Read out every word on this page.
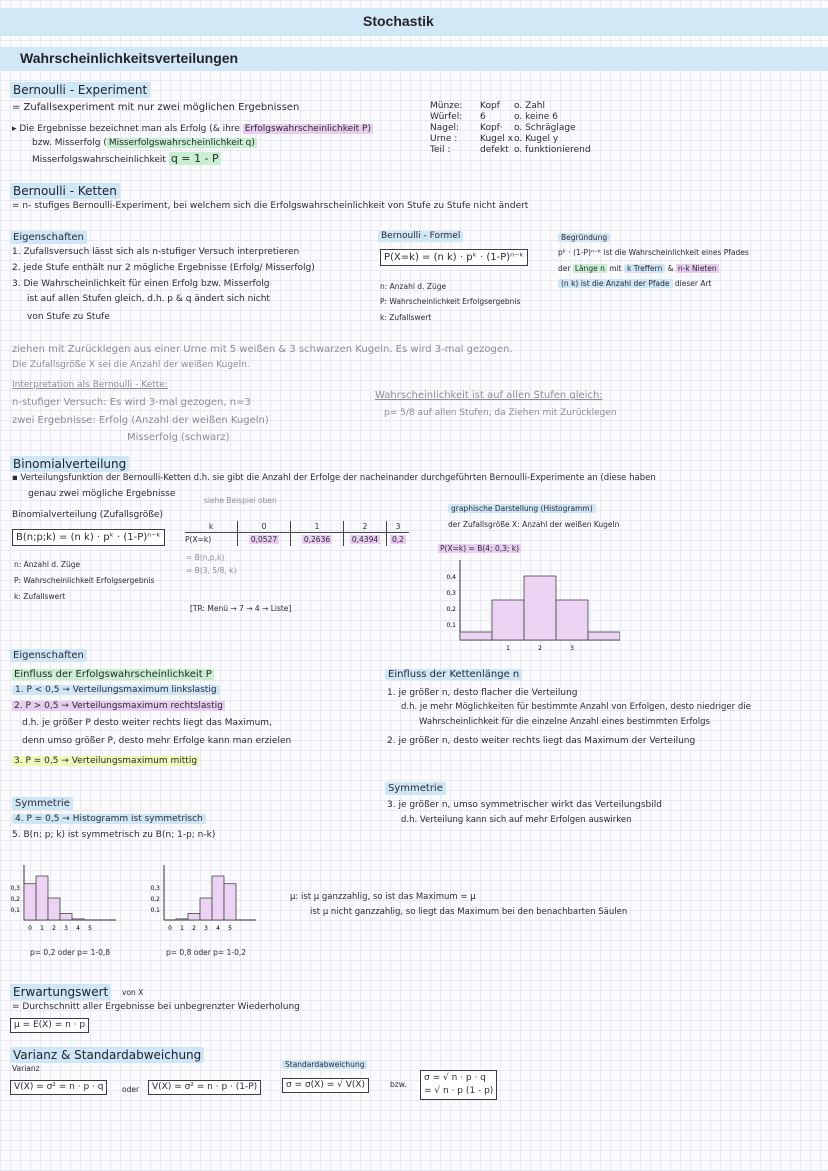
Stochastik
Wahrscheinlichkeitsverteilungen
Bernoulli - Experiment
= Zufallsexperiment mit nur zwei möglichen Ergebnissen
▸ Die Ergebnisse bezeichnet man als Erfolg (& ihre Erfolgswahrscheinlichkeit P)
bzw. Misserfolg ( Misserfolgswahrscheinlichkeit q)
Misserfolgswahrscheinlichkeit q = 1 - P
Münze: Kopf o. Zahl
Würfel: 6	o. keine 6
Nagel: Kopf· o. Schräglage
Urne :	Kugel xo. Kugel y
Teil :	defekt o. funktionierend
Bernoulli - Ketten
= n- stufiges Bernoulli-Experiment, bei welchem sich die Erfolgswahrscheinlichkeit von Stufe zu Stufe nicht ändert
Eigenschaften
1. Zufallsversuch lässt sich als n-stufiger Versuch interpretieren
2. jede Stufe enthält nur 2 mögliche Ergebnisse (Erfolg/ Misserfolg)
3. Die Wahrscheinlichkeit für einen Erfolg bzw. Misserfolg
ist auf allen Stufen gleich, d.h. p & q ändert sich nicht
von Stufe zu Stufe
Bernoulli - Formel
P(X=k) = (n k) · pᵏ · (1-P)ⁿ⁻ᵏ
n: Anzahl d. Züge
P: Wahrscheinlichkeit Erfolgsergebnis
k: Zufallswert
Begründung
pᵏ · (1-P)ⁿ⁻ᵏ ist die Wahrscheinlichkeit eines Pfades
der Länge n mit k Treffern & n-k Nieten
(n k) ist die Anzahl der Pfade dieser Art
ziehen mit Zurücklegen aus einer Urne mit 5 weißen & 3 schwarzen Kugeln. Es wird 3-mal gezogen.
Die Zufallsgröße X sei die Anzahl der weißen Kugeln.
Interpretation als Bernoulli - Kette:
n-stufiger Versuch: Es wird 3-mal gezogen, n=3
zwei Ergebnisse: Erfolg (Anzahl der weißen Kugeln)
Misserfolg (schwarz)
Wahrscheinlichkeit ist auf allen Stufen gleich:
p= 5/8 auf allen Stufen, da Ziehen mit Zurücklegen
Binomialverteilung
▪ Verteilungsfunktion der Bernoulli-Ketten d.h. sie gibt die Anzahl der Erfolge der nacheinander durchgeführten Bernoulli-Experimente an (diese haben
genau zwei mögliche Ergebnisse
siehe Beispiel oben
Binomialverteilung (Zufallsgröße)
B(n;p;k) = (n k) · pᵏ · (1-P)ⁿ⁻ᵏ
n: Anzahl d. Züge
P: Wahrscheinlichkeit Erfolgsergebnis
k: Zufallswert
k	0	1	2	3
P(X=k)	0,0527	0,2636	0,4394	0,2
= B(n,p,k)
= B(3, 5/8, k)
[TR: Menü → 7 → 4 → Liste]
graphische Darstellung (Histogramm)
der Zufallsgröße X: Anzahl der weißen Kugeln
P(X=k) = B(4; 0,3; k)
0,1
0,2
0,3
0,4
1	2	3
Eigenschaften
Einfluss der Erfolgswahrscheinlichkeit P
1. P < 0,5 → Verteilungsmaximum linkslastig
2. P > 0,5 → Verteilungsmaximum rechtslastig
d.h. je größer P desto weiter rechts liegt das Maximum,
denn umso größer P, desto mehr Erfolge kann man erzielen
3. P = 0,5 → Verteilungsmaximum mittig
Einfluss der Kettenlänge n
1. je größer n, desto flacher die Verteilung
d.h. je mehr Möglichkeiten für bestimmte Anzahl von Erfolgen, desto niedriger die
Wahrscheinlichkeit für die einzelne Anzahl eines bestimmten Erfolgs
2. je größer n, desto weiter rechts liegt das Maximum der Verteilung
Symmetrie
3. je größer n, umso symmetrischer wirkt das Verteilungsbild
d.h. Verteilung kann sich auf mehr Erfolgen auswirken
Symmetrie
4. P = 0,5 → Histogramm ist symmetrisch
5. B(n; p; k) ist symmetrisch zu B(n; 1-p; n-k)
0,1
0,2
0,3
0 1 2 3 4 5
0,1
0,2
0,3
0 1 2 3 4 5
p= 0,2 oder p= 1-0,8	p= 0,8 oder p= 1-0,2
μ: ist μ ganzzahlig, so ist das Maximum = μ
ist μ nicht ganzzahlig, so liegt das Maximum bei den benachbarten Säulen
Erwartungswert	von X
= Durchschnitt aller Ergebnisse bei unbegrenzter Wiederholung
μ = E(X) = n · p
Varianz & Standardabweichung
Varianz
V(X) = σ² = n · p · q	oder	V(X) = σ² = n · p · (1-P)
Standardabweichung
σ = σ(X) = √ V(X)	bzw.
σ = √ n · p · q
= √ n · p (1 - p)
